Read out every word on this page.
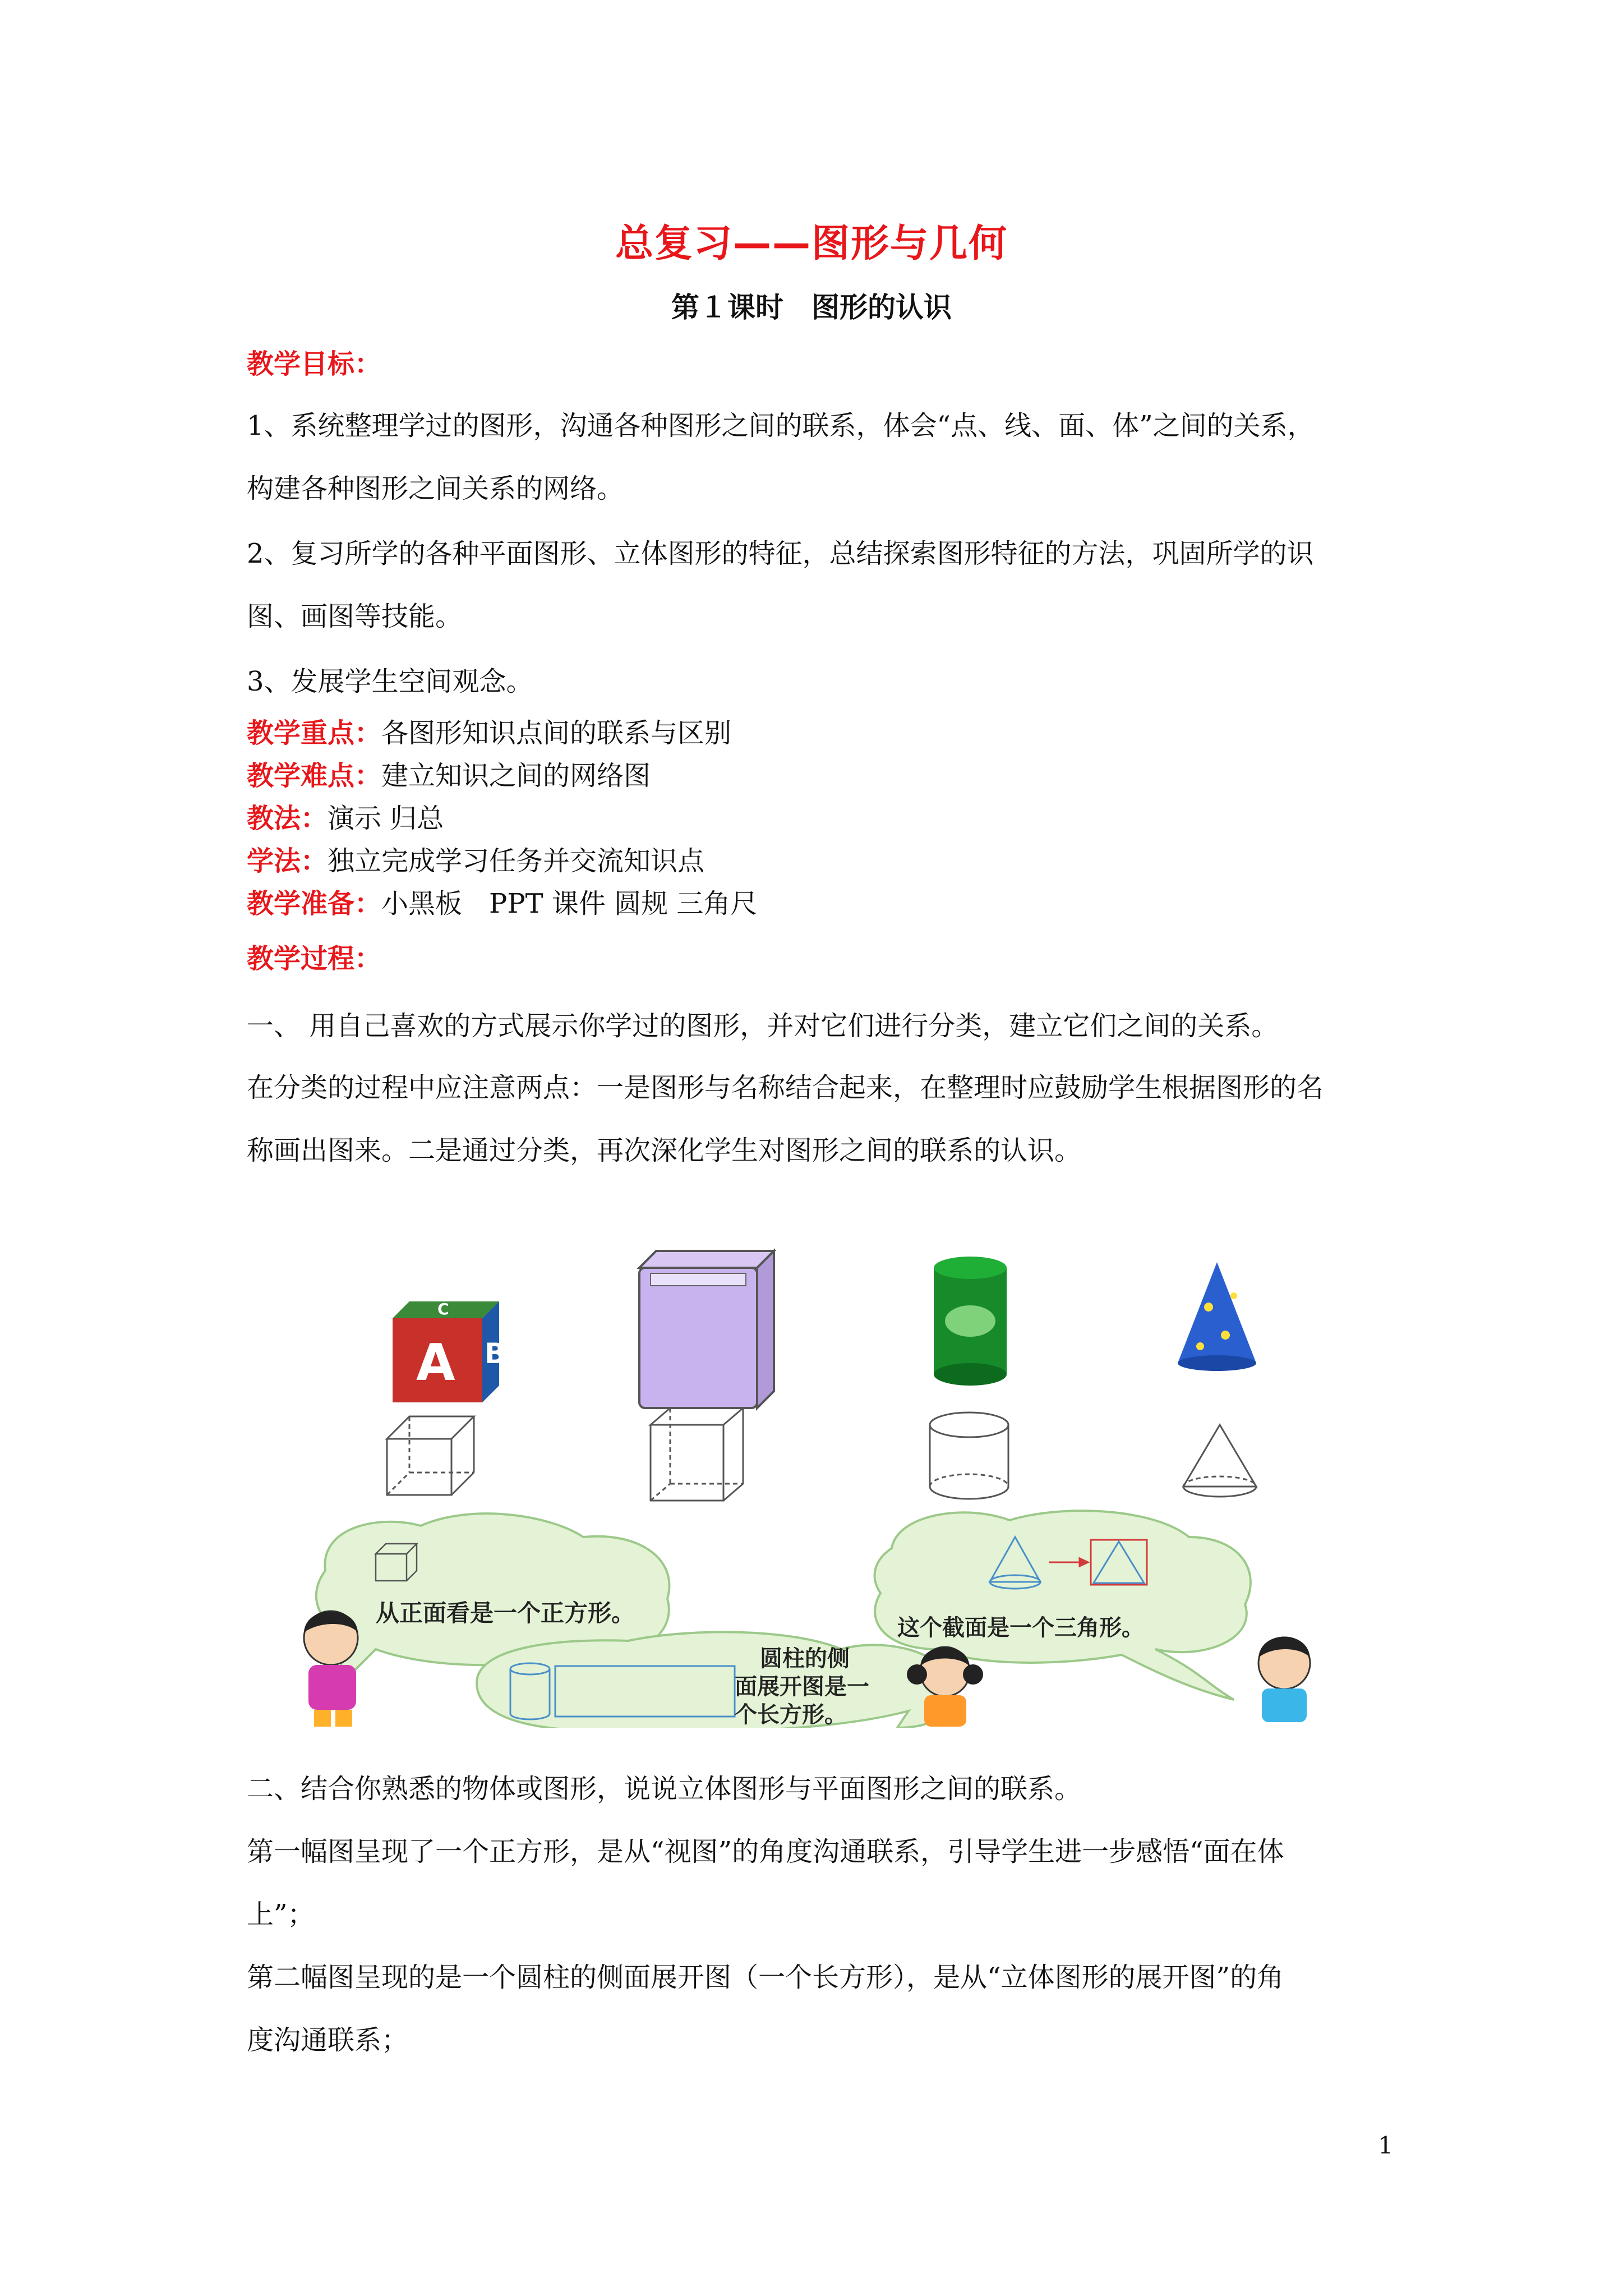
总复习——图形与几何
第１课时　图形的认识
教学目标：
1、系统整理学过的图形，沟通各种图形之间的联系，体会“点、线、面、体”之间的关系，
构建各种图形之间关系的网络。
2、复习所学的各种平面图形、立体图形的特征，总结探索图形特征的方法，巩固所学的识
图、画图等技能。
3、发展学生空间观念。
教学重点：各图形知识点间的联系与区别
教学难点：建立知识之间的网络图
教法：演示 归总
学法：独立完成学习任务并交流知识点
教学准备：小黑板　PPT 课件 圆规 三角尺
教学过程：
一、 用自己喜欢的方式展示你学过的图形，并对它们进行分类，建立它们之间的关系。
在分类的过程中应注意两点：一是图形与名称结合起来，在整理时应鼓励学生根据图形的名
称画出图来。二是通过分类，再次深化学生对图形之间的联系的认识。
A B
C
从正面看是一个正方形。
这个截面是一个三角形。
圆柱的侧
面展开图是一
个长方形。
二、结合你熟悉的物体或图形，说说立体图形与平面图形之间的联系。
第一幅图呈现了一个正方形，是从“视图”的角度沟通联系，引导学生进一步感悟“面在体
上”；
第二幅图呈现的是一个圆柱的侧面展开图（一个长方形），是从“立体图形的展开图”的角
度沟通联系；
1
